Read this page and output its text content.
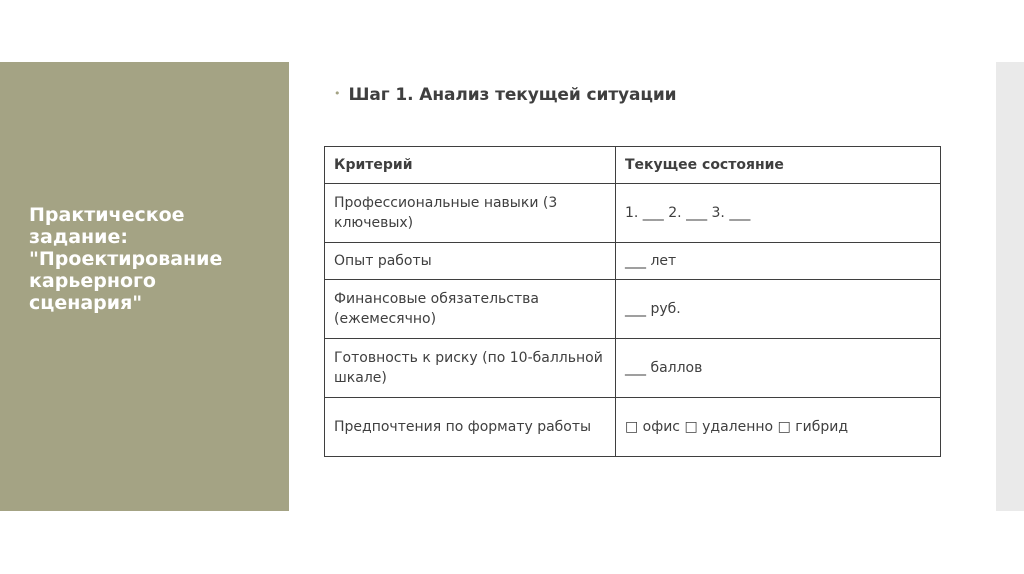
Практическое
задание:
"Проектирование
карьерного
сценария"
• Шаг 1. Анализ текущей ситуации
Критерий	Текущее состояние
Профессиональные навыки (3 ключевых)	1. ___ 2. ___ 3. ___
Опыт работы	___ лет
Финансовые обязательства (ежемесячно)	___ руб.
Готовность к риску (по 10-балльной шкале)	___ баллов
Предпочтения по формату работы	□ офис □ удаленно □ гибрид
